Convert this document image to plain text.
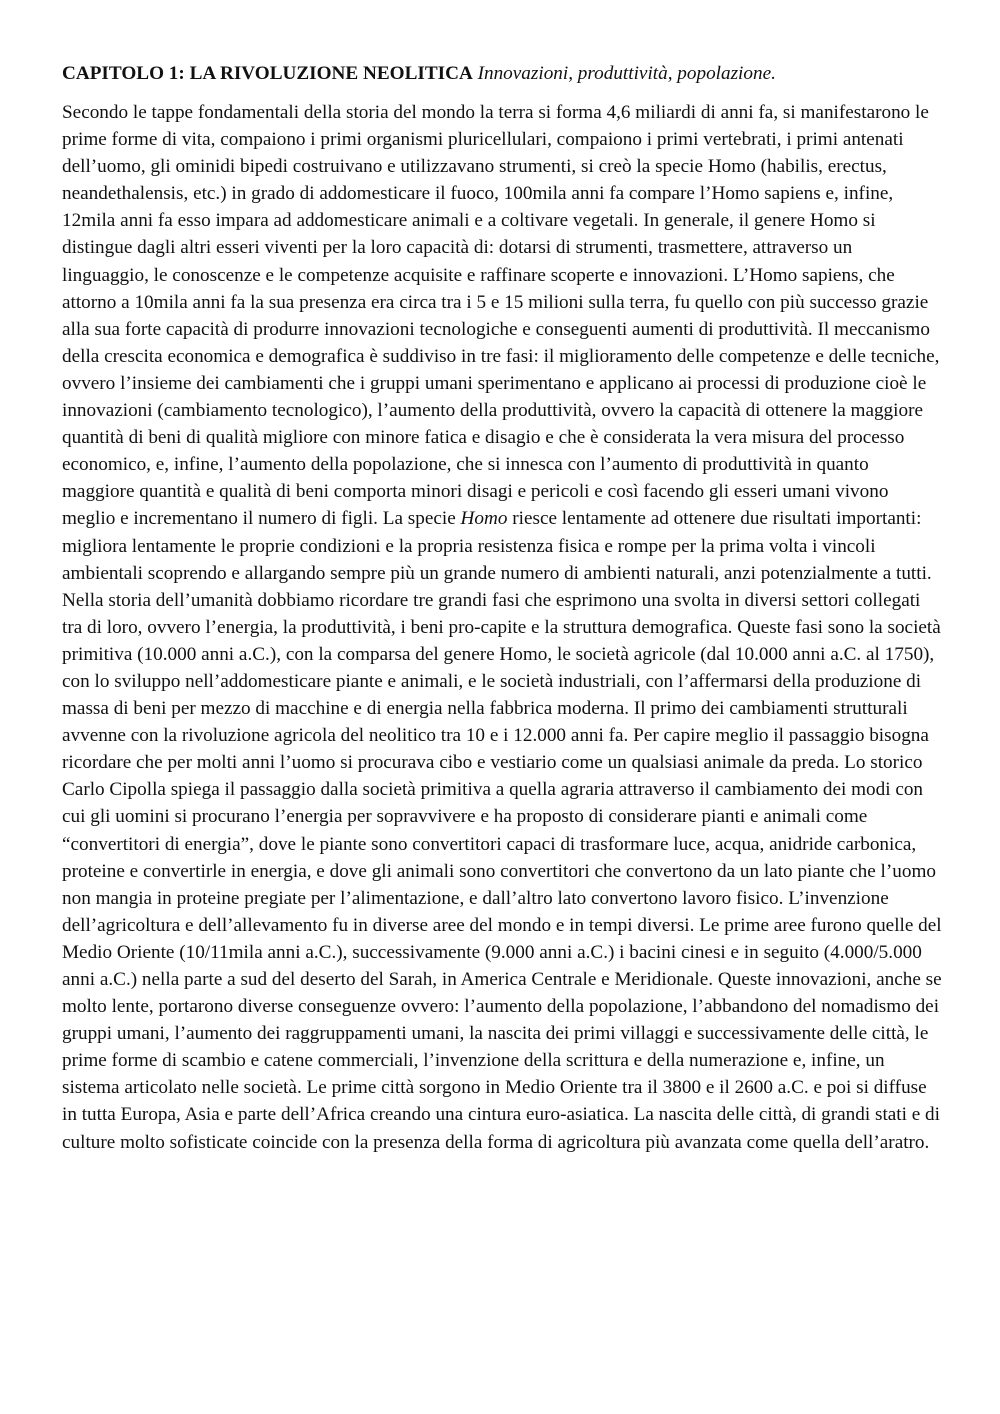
CAPITOLO 1: LA RIVOLUZIONE NEOLITICA Innovazioni, produttività, popolazione.

Secondo le tappe fondamentali della storia del mondo la terra si forma 4,6 miliardi di anni fa, si manifestarono le prime forme di vita, compaiono i primi organismi pluricellulari, compaiono i primi vertebrati, i primi antenati dell’uomo, gli ominidi bipedi costruivano e utilizzavano strumenti, si creò la specie Homo (habilis, erectus, neandethalensis, etc.) in grado di addomesticare il fuoco, 100mila anni fa compare l’Homo sapiens e, infine, 12mila anni fa esso impara ad addomesticare animali e a coltivare vegetali. In generale, il genere Homo si distingue dagli altri esseri viventi per la loro capacità di: dotarsi di strumenti, trasmettere, attraverso un linguaggio, le conoscenze e le competenze acquisite e raffinare scoperte e innovazioni. L’Homo sapiens, che attorno a 10mila anni fa la sua presenza era circa tra i 5 e 15 milioni sulla terra, fu quello con più successo grazie alla sua forte capacità di produrre innovazioni tecnologiche e conseguenti aumenti di produttività. Il meccanismo della crescita economica e demografica è suddiviso in tre fasi: il miglioramento delle competenze e delle tecniche, ovvero l’insieme dei cambiamenti che i gruppi umani sperimentano e applicano ai processi di produzione cioè le innovazioni (cambiamento tecnologico), l’aumento della produttività, ovvero la capacità di ottenere la maggiore quantità di beni di qualità migliore con minore fatica e disagio e che è considerata la vera misura del processo economico, e, infine, l’aumento della popolazione, che si innesca con l’aumento di produttività in quanto maggiore quantità e qualità di beni comporta minori disagi e pericoli e così facendo gli esseri umani vivono meglio e incrementano il numero di figli. La specie Homo riesce lentamente ad ottenere due risultati importanti: migliora lentamente le proprie condizioni e la propria resistenza fisica e rompe per la prima volta i vincoli ambientali scoprendo e allargando sempre più un grande numero di ambienti naturali, anzi potenzialmente a tutti. Nella storia dell’umanità dobbiamo ricordare tre grandi fasi che esprimono una svolta in diversi settori collegati tra di loro, ovvero l’energia, la produttività, i beni pro-capite e la struttura demografica. Queste fasi sono la società primitiva (10.000 anni a.C.), con la comparsa del genere Homo, le società agricole (dal 10.000 anni a.C. al 1750), con lo sviluppo nell’addomesticare piante e animali, e le società industriali, con l’affermarsi della produzione di massa di beni per mezzo di macchine e di energia nella fabbrica moderna. Il primo dei cambiamenti strutturali avvenne con la rivoluzione agricola del neolitico tra 10 e i 12.000 anni fa. Per capire meglio il passaggio bisogna ricordare che per molti anni l’uomo si procurava cibo e vestiario come un qualsiasi animale da preda. Lo storico Carlo Cipolla spiega il passaggio dalla società primitiva a quella agraria attraverso il cambiamento dei modi con cui gli uomini si procurano l’energia per sopravvivere e ha proposto di considerare pianti e animali come “convertitori di energia”, dove le piante sono convertitori capaci di trasformare luce, acqua, anidride carbonica, proteine e convertirle in energia, e dove gli animali sono convertitori che convertono da un lato piante che l’uomo non mangia in proteine pregiate per l’alimentazione, e dall’altro lato convertono lavoro fisico. L’invenzione dell’agricoltura e dell’allevamento fu in diverse aree del mondo e in tempi diversi. Le prime aree furono quelle del Medio Oriente (10/11mila anni a.C.), successivamente (9.000 anni a.C.) i bacini cinesi e in seguito (4.000/5.000 anni a.C.) nella parte a sud del deserto del Sarah, in America Centrale e Meridionale. Queste innovazioni, anche se molto lente, portarono diverse conseguenze ovvero: l’aumento della popolazione, l’abbandono del nomadismo dei gruppi umani, l’aumento dei raggruppamenti umani, la nascita dei primi villaggi e successivamente delle città, le prime forme di scambio e catene commerciali, l’invenzione della scrittura e della numerazione e, infine, un sistema articolato nelle società. Le prime città sorgono in Medio Oriente tra il 3800 e il 2600 a.C. e poi si diffuse in tutta Europa, Asia e parte dell’Africa creando una cintura euro-asiatica. La nascita delle città, di grandi stati e di culture molto sofisticate coincide con la presenza della forma di agricoltura più avanzata come quella dell’aratro.
